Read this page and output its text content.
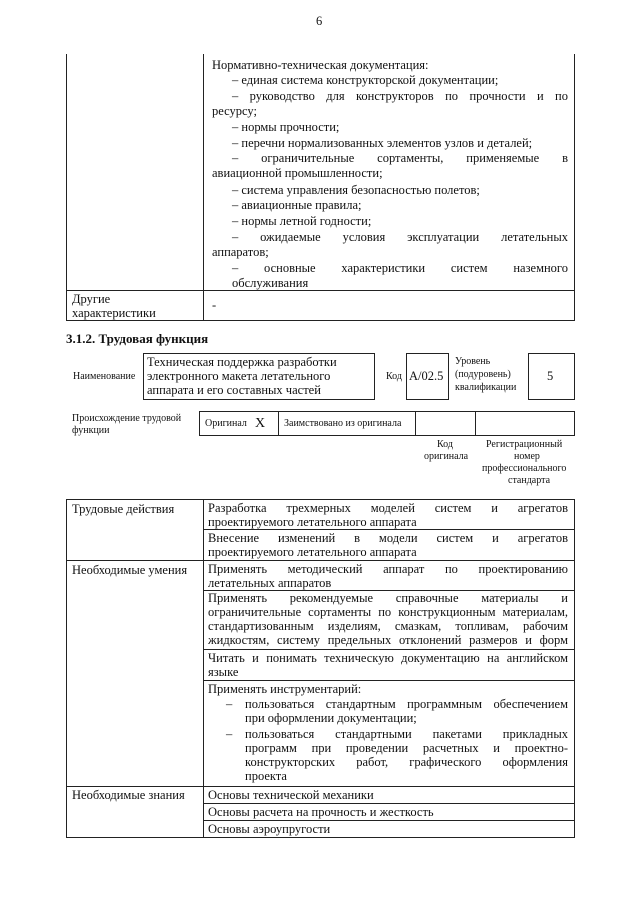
6
Нормативно-техническая документация:
– единая система конструкторской документации;
– руководство для конструкторов по прочности и по
ресурсу;
– нормы прочности;
– перечни нормализованных элементов узлов и деталей;
– ограничительные сортаменты, применяемые в
авиационной промышленности;
– система управления безопасностью полетов;
– авиационные правила;
– нормы летной годности;
– ожидаемые условия эксплуатации летательных
аппаратов;
– основные характеристики систем наземного
обслуживания
Другие
характеристики
-
3.1.2. Трудовая функция
Наименование
Техническая поддержка разработки
электронного макета летательного
аппарата и его составных частей
Код A/02.5
Уровень
(подуровень)
квалификации
5
Происхождение трудовой
функции
Оригинал X Заимствовано из оригинала
Код
оригинала
Регистрационный
номер
профессионального
стандарта
Трудовые действия
Необходимые умения
Необходимые знания
Разработка трехмерных моделей систем и агрегатов
проектируемого летательного аппарата
Внесение изменений в модели систем и агрегатов
проектируемого летательного аппарата
Применять методический аппарат по проектированию
летательных аппаратов
Применять рекомендуемые справочные материалы и
ограничительные сортаменты по конструкционным материалам,
стандартизованным изделиям, смазкам, топливам, рабочим
жидкостям, систему предельных отклонений размеров и форм
Читать и понимать техническую документацию на английском
языке
Применять инструментарий:
– пользоваться стандартным программным обеспечением
при оформлении документации;
– пользоваться стандартными пакетами прикладных
программ при проведении расчетных и проектно-
конструкторских работ, графического оформления
проекта
Основы технической механики
Основы расчета на прочность и жесткость
Основы аэроупругости
